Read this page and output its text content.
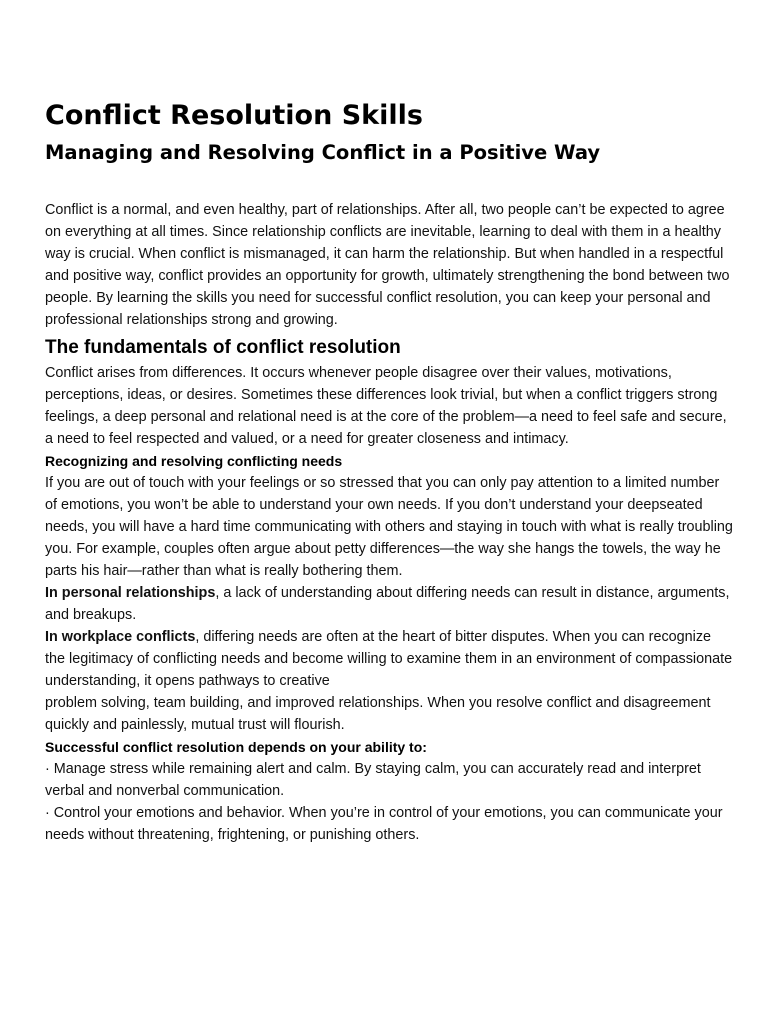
Conflict Resolution Skills
Managing and Resolving Conflict in a Positive Way

Conflict is a normal, and even healthy, part of relationships. After all, two people can’t be expected to agree on everything at all times. Since relationship conflicts are inevitable, learning to deal with them in a healthy way is crucial. When conflict is mismanaged, it can harm the relationship. But when handled in a respectful and positive way, conflict provides an opportunity for growth, ultimately strengthening the bond between two people. By learning the skills you need for successful conflict resolution, you can keep your personal and professional relationships strong and growing.

The fundamentals of conflict resolution

Conflict arises from differences. It occurs whenever people disagree over their values, motivations, perceptions, ideas, or desires. Sometimes these differences look trivial, but when a conflict triggers strong feelings, a deep personal and relational need is at the core of the problem—a need to feel safe and secure, a need to feel respected and valued, or a need for greater closeness and intimacy.

Recognizing and resolving conflicting needs

If you are out of touch with your feelings or so stressed that you can only pay attention to a limited number of emotions, you won’t be able to understand your own needs. If you don’t understand your deepseated needs, you will have a hard time communicating with others and staying in touch with what is really troubling you. For example, couples often argue about petty differences—the way she hangs the towels, the way he parts his hair—rather than what is really bothering them.

In personal relationships, a lack of understanding about differing needs can result in distance, arguments, and breakups.

In workplace conflicts, differing needs are often at the heart of bitter disputes. When you can recognize the legitimacy of conflicting needs and become willing to examine them in an environment of compassionate understanding, it opens pathways to creative

problem solving, team building, and improved relationships. When you resolve conflict and disagreement quickly and painlessly, mutual trust will flourish.

Successful conflict resolution depends on your ability to:

· Manage stress while remaining alert and calm. By staying calm, you can accurately read and interpret verbal and nonverbal communication.

· Control your emotions and behavior. When you’re in control of your emotions, you can communicate your needs without threatening, frightening, or punishing others.
